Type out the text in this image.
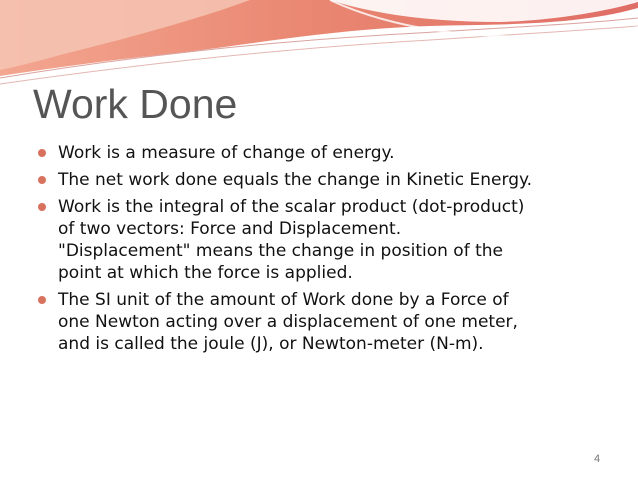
Work Done
Work is a measure of change of energy.
The net work done equals the change in Kinetic Energy.
Work is the integral of the scalar product (dot-product)
of two vectors: Force and Displacement.
"Displacement" means the change in position of the
point at which the force is applied.
The SI unit of the amount of Work done by a Force of
one Newton acting over a displacement of one meter,
and is called the joule (J), or Newton-meter (N-m).
4
